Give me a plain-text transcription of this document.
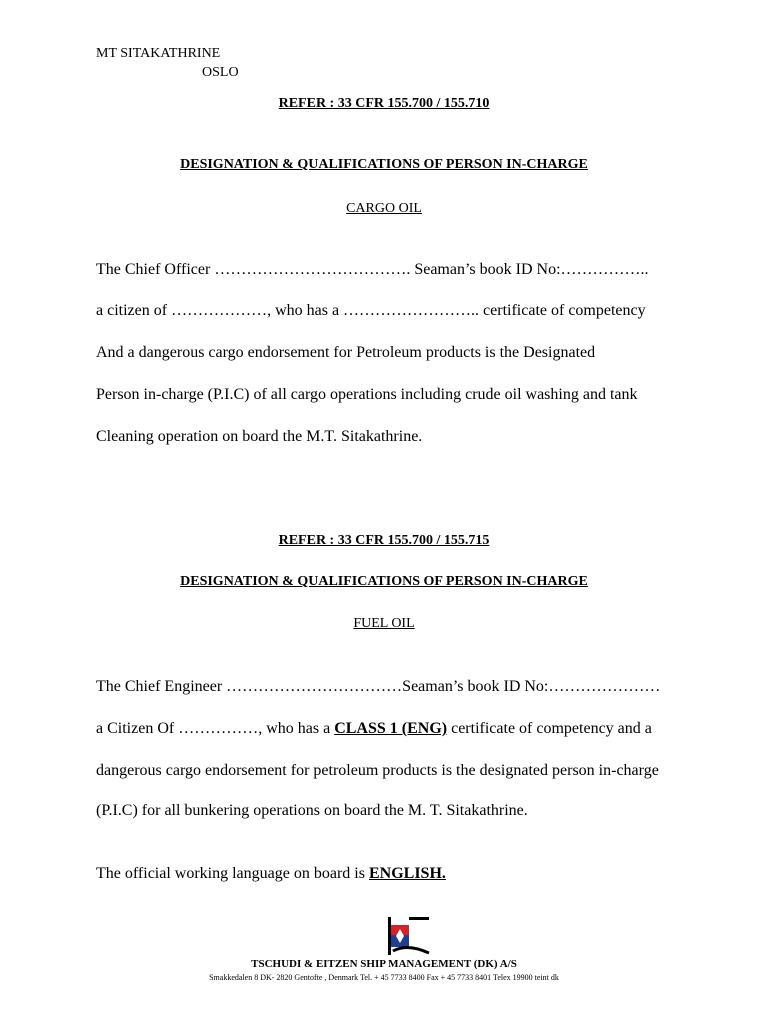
MT SITAKATHRINE
OSLO
REFER : 33 CFR 155.700 / 155.710
DESIGNATION & QUALIFICATIONS OF PERSON IN-CHARGE
CARGO OIL
The Chief Officer ………………………………. Seaman’s book ID No:……………..
a citizen of ………………, who has a …………………….. certificate of competency
And a dangerous cargo endorsement for Petroleum products is the Designated
Person in-charge (P.I.C) of all cargo operations including crude oil washing and tank
Cleaning operation on board the M.T. Sitakathrine.
REFER : 33 CFR 155.700 / 155.715
DESIGNATION & QUALIFICATIONS OF PERSON IN-CHARGE
FUEL OIL
The Chief Engineer ……………………………Seaman’s book ID No:…………………
a Citizen Of ……………, who has a CLASS 1 (ENG) certificate of competency and a
dangerous cargo endorsement for petroleum products is the designated person in-charge
(P.I.C) for all bunkering operations on board the M. T. Sitakathrine.
The official working language on board is ENGLISH.
TSCHUDI & EITZEN SHIP MANAGEMENT (DK) A/S
Smakkedalen 8 DK- 2820 Gentofte , Denmark Tel. + 45 7733 8400 Fax + 45 7733 8401 Telex 19900 teint dk
